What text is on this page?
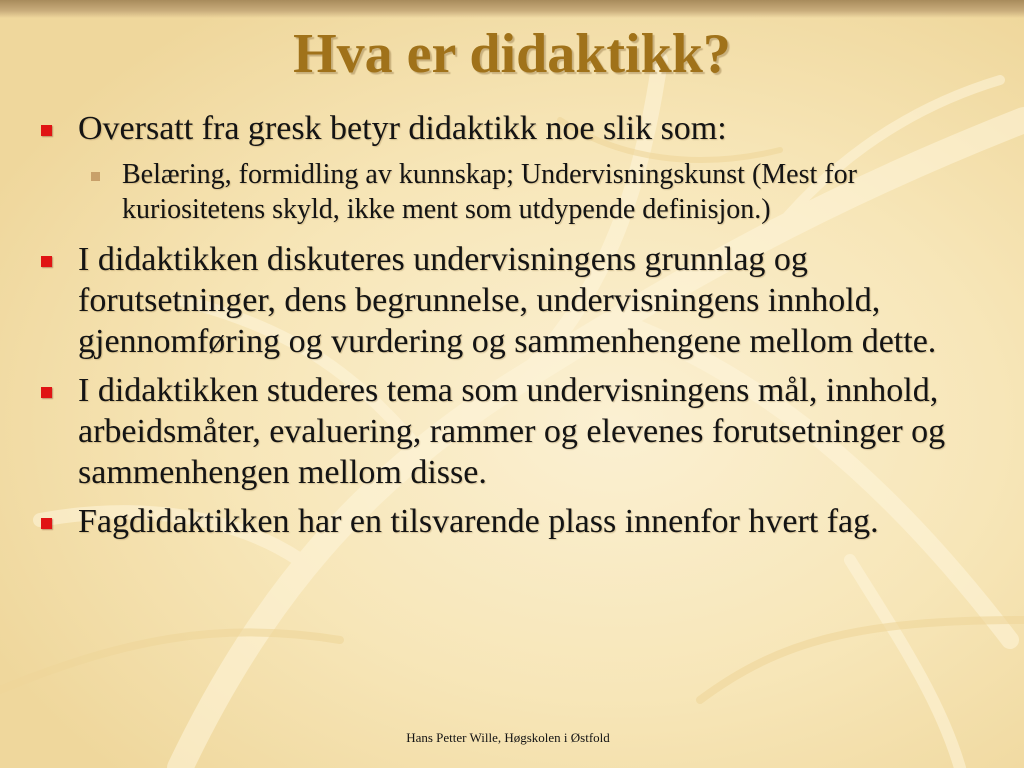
Hva er didaktikk?
Oversatt fra gresk betyr didaktikk noe slik som:
Belæring, formidling av kunnskap; Undervisningskunst (Mest for kuriositetens skyld, ikke ment som utdypende definisjon.)
I didaktikken diskuteres undervisningens grunnlag og forutsetninger, dens begrunnelse, undervisningens innhold, gjennomføring og vurdering og sammenhengene mellom dette.
I didaktikken studeres tema som undervisningens mål, innhold, arbeidsmåter, evaluering, rammer og elevenes forutsetninger og sammenhengen mellom disse.
Fagdidaktikken har en tilsvarende plass innenfor hvert fag.
Hans Petter Wille, Høgskolen i Østfold
